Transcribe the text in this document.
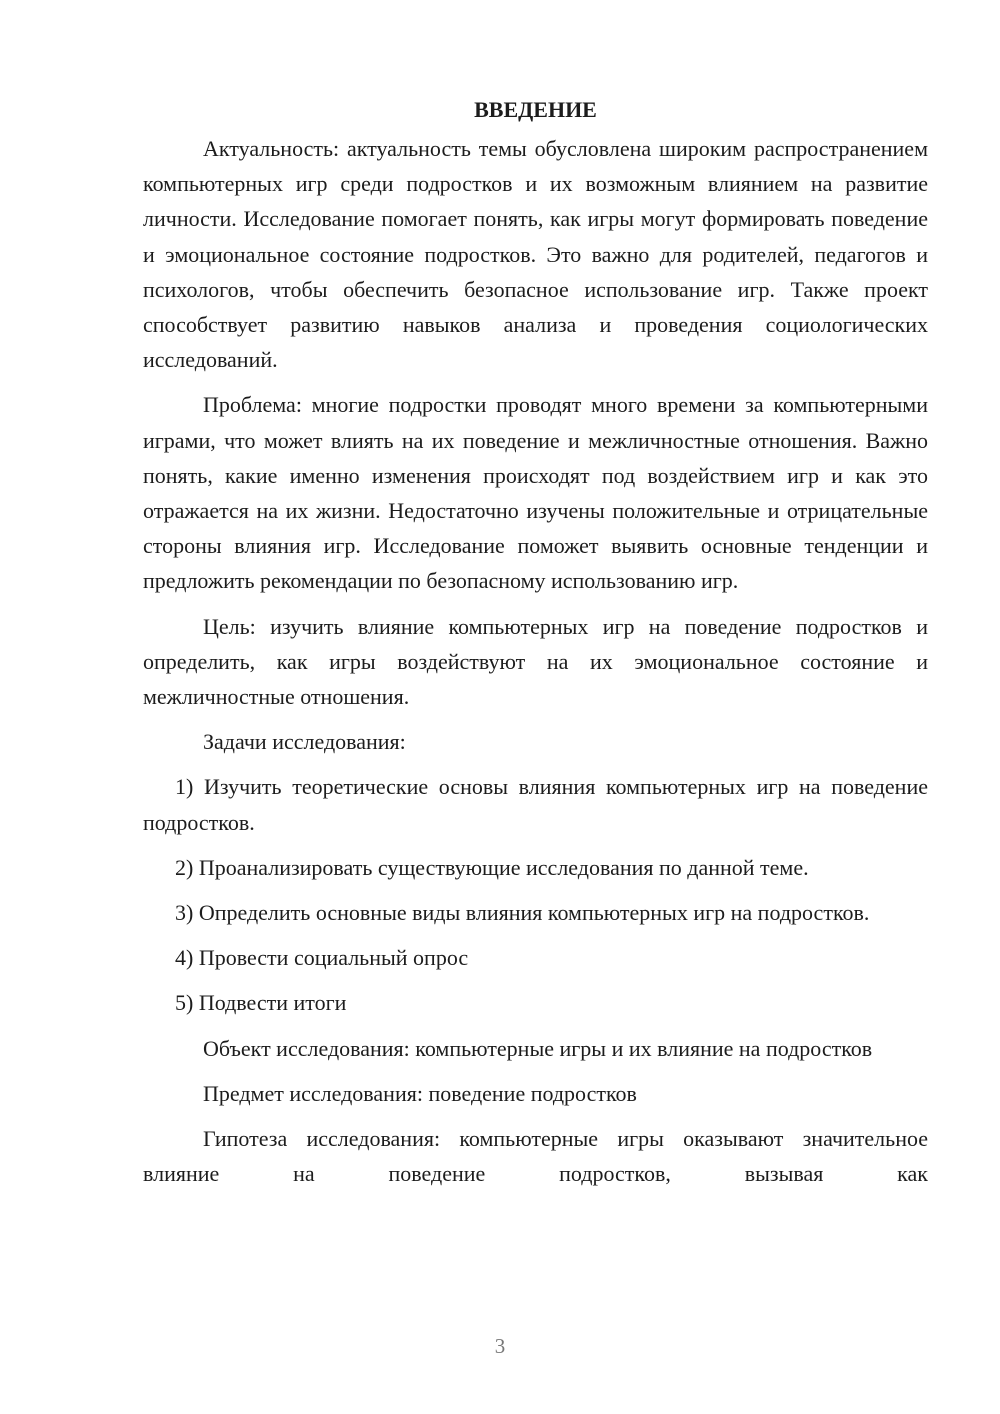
ВВЕДЕНИЕ

Актуальность: актуальность темы обусловлена широким распространением компьютерных игр среди подростков и их возможным влиянием на развитие личности. Исследование помогает понять, как игры могут формировать поведение и эмоциональное состояние подростков. Это важно для родителей, педагогов и психологов, чтобы обеспечить безопасное использование игр. Также проект способствует развитию навыков анализа и проведения социологических исследований.

Проблема: многие подростки проводят много времени за компьютерными играми, что может влиять на их поведение и межличностные отношения. Важно понять, какие именно изменения происходят под воздействием игр и как это отражается на их жизни. Недостаточно изучены положительные и отрицательные стороны влияния игр. Исследование поможет выявить основные тенденции и предложить рекомендации по безопасному использованию игр.

Цель: изучить влияние компьютерных игр на поведение подростков и определить, как игры воздействуют на их эмоциональное состояние и межличностные отношения.

Задачи исследования:

1) Изучить теоретические основы влияния компьютерных игр на поведение подростков.

2) Проанализировать существующие исследования по данной теме.

3) Определить основные виды влияния компьютерных игр на подростков.

4) Провести социальный опрос

5) Подвести итоги

Объект исследования: компьютерные игры и их влияние на подростков

Предмет исследования: поведение подростков

Гипотеза исследования: компьютерные игры оказывают значительное влияние на поведение подростков, вызывая как

3
